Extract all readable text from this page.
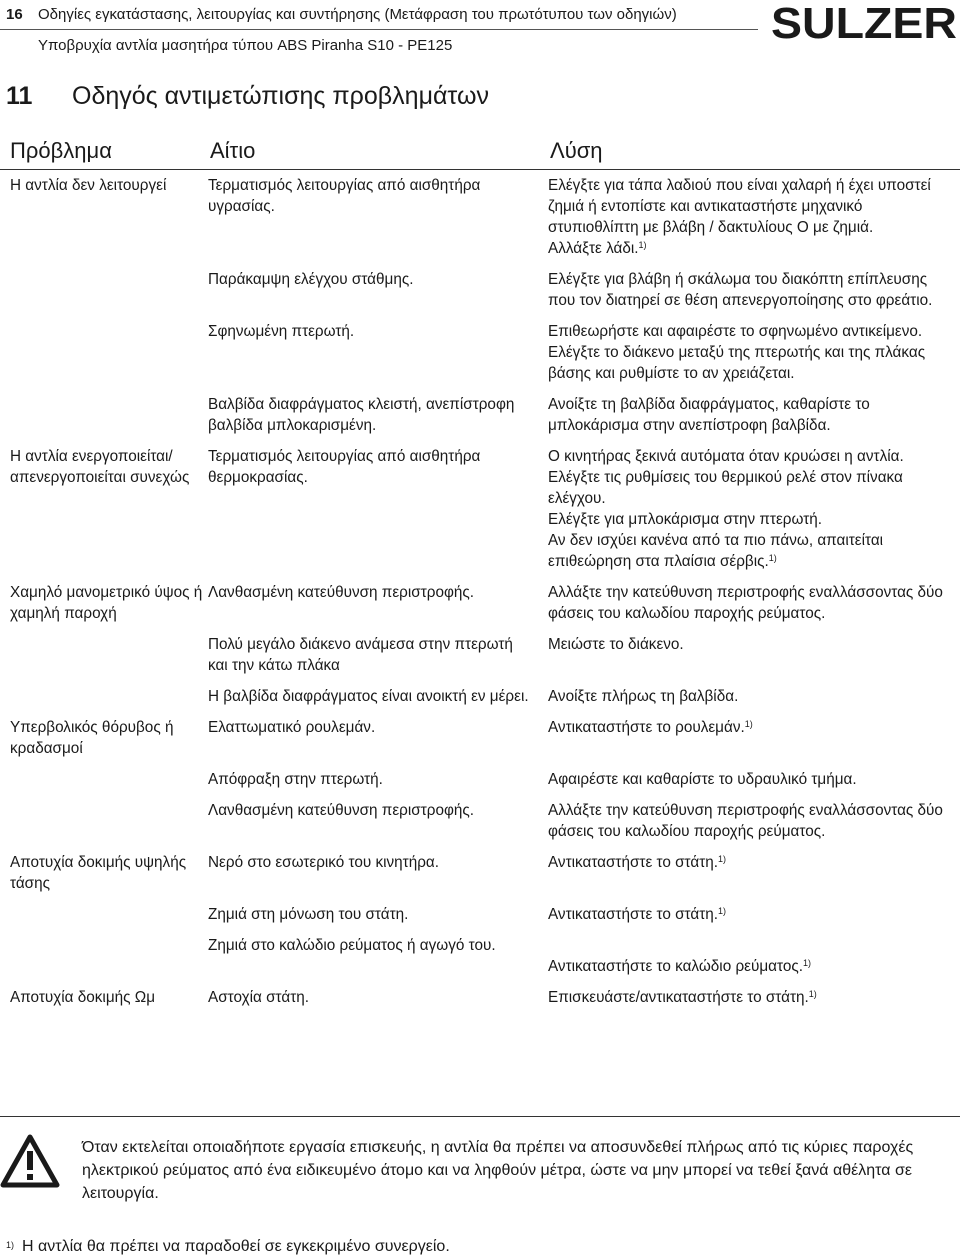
16 Οδηγίες εγκατάστασης, λειτουργίας και συντήρησης (Μετάφραση του πρωτότυπου των οδηγιών)
Υποβρυχία αντλία μασητήρα τύπου ABS Piranha S10 - PE125	SULZER
11 Οδηγός αντιμετώπισης προβλημάτων
Πρόβλημα	Αίτιο	Λύση
Η αντλία δεν λειτουργεί	Τερματισμός λειτουργίας από αισθητήρα υγρασίας.	Ελέγξτε για τάπα λαδιού που είναι χαλαρή ή έχει υποστεί ζημιά ή εντοπίστε και αντικαταστήστε μηχανικό στυπιοθλίπτη με βλάβη / δακτυλίους Ο με ζημιά.
Αλλάξτε λάδι.$^{1)}$

	Παράκαμψη ελέγχου στάθμης.	Ελέγξτε για βλάβη ή σκάλωμα του διακόπτη επίπλευσης που τον διατηρεί σε θέση απενεργοποίησης στο φρεάτιο.

	Σφηνωμένη πτερωτή.	Επιθεωρήστε και αφαιρέστε το σφηνωμένο αντικείμενο. Ελέγξτε το διάκενο μεταξύ της πτερωτής και της πλάκας βάσης και ρυθμίστε το αν χρειάζεται.

	Βαλβίδα διαφράγματος κλειστή, ανεπίστροφη βαλβίδα μπλοκαρισμένη.	Ανοίξτε τη βαλβίδα διαφράγματος, καθαρίστε το μπλοκάρισμα στην ανεπίστροφη βαλβίδα.

Η αντλία ενεργοποιείται/ απενεργοποιείται συνεχώς	Τερματισμός λειτουργίας από αισθητήρα θερμοκρασίας.	Ο κινητήρας ξεκινά αυτόματα όταν κρυώσει η αντλία.
Ελέγξτε τις ρυθμίσεις του θερμικού ρελέ στον πίνακα ελέγχου.
Ελέγξτε για μπλοκάρισμα στην πτερωτή.
Αν δεν ισχύει κανένα από τα πιο πάνω, απαιτείται επιθεώρηση στα πλαίσια σέρβις.$^{1)}$

Χαμηλό μανομετρικό ύψος ή χαμηλή παροχή	Λανθασμένη κατεύθυνση περιστροφής.	Αλλάξτε την κατεύθυνση περιστροφής εναλλάσσοντας δύο φάσεις του καλωδίου παροχής ρεύματος.

	Πολύ μεγάλο διάκενο ανάμεσα στην πτερωτή και την κάτω πλάκα	Μειώστε το διάκενο.

	Η βαλβίδα διαφράγματος είναι ανοικτή εν μέρει.	Ανοίξτε πλήρως τη βαλβίδα.

Υπερβολικός θόρυβος ή κραδασμοί	Ελαττωματικό ρουλεμάν.	Αντικαταστήστε το ρουλεμάν.$^{1)}$

	Απόφραξη στην πτερωτή.	Αφαιρέστε και καθαρίστε το υδραυλικό τμήμα.

	Λανθασμένη κατεύθυνση περιστροφής.	Αλλάξτε την κατεύθυνση περιστροφής εναλλάσσοντας δύο φάσεις του καλωδίου παροχής ρεύματος.

Αποτυχία δοκιμής υψηλής τάσης	Νερό στο εσωτερικό του κινητήρα.	Αντικαταστήστε το στάτη.$^{1)}$

	Ζημιά στη μόνωση του στάτη.	Αντικαταστήστε το στάτη.$^{1)}$

	Ζημιά στο καλώδιο ρεύματος ή αγωγό του.	Αντικαταστήστε το καλώδιο ρεύματος.$^{1)}$

Αποτυχία δοκιμής Ωμ	Αστοχία στάτη.	Επισκευάστε/αντικαταστήστε το στάτη.$^{1)}$
Όταν εκτελείται οποιαδήποτε εργασία επισκευής, η αντλία θα πρέπει να αποσυνδεθεί πλήρως από τις κύριες παροχές ηλεκτρικού ρεύματος από ένα ειδικευμένο άτομο και να ληφθούν μέτρα, ώστε να μην μπορεί να τεθεί ξανά αθέλητα σε λειτουργία.
1) Η αντλία θα πρέπει να παραδοθεί σε εγκεκριμένο συνεργείο.
